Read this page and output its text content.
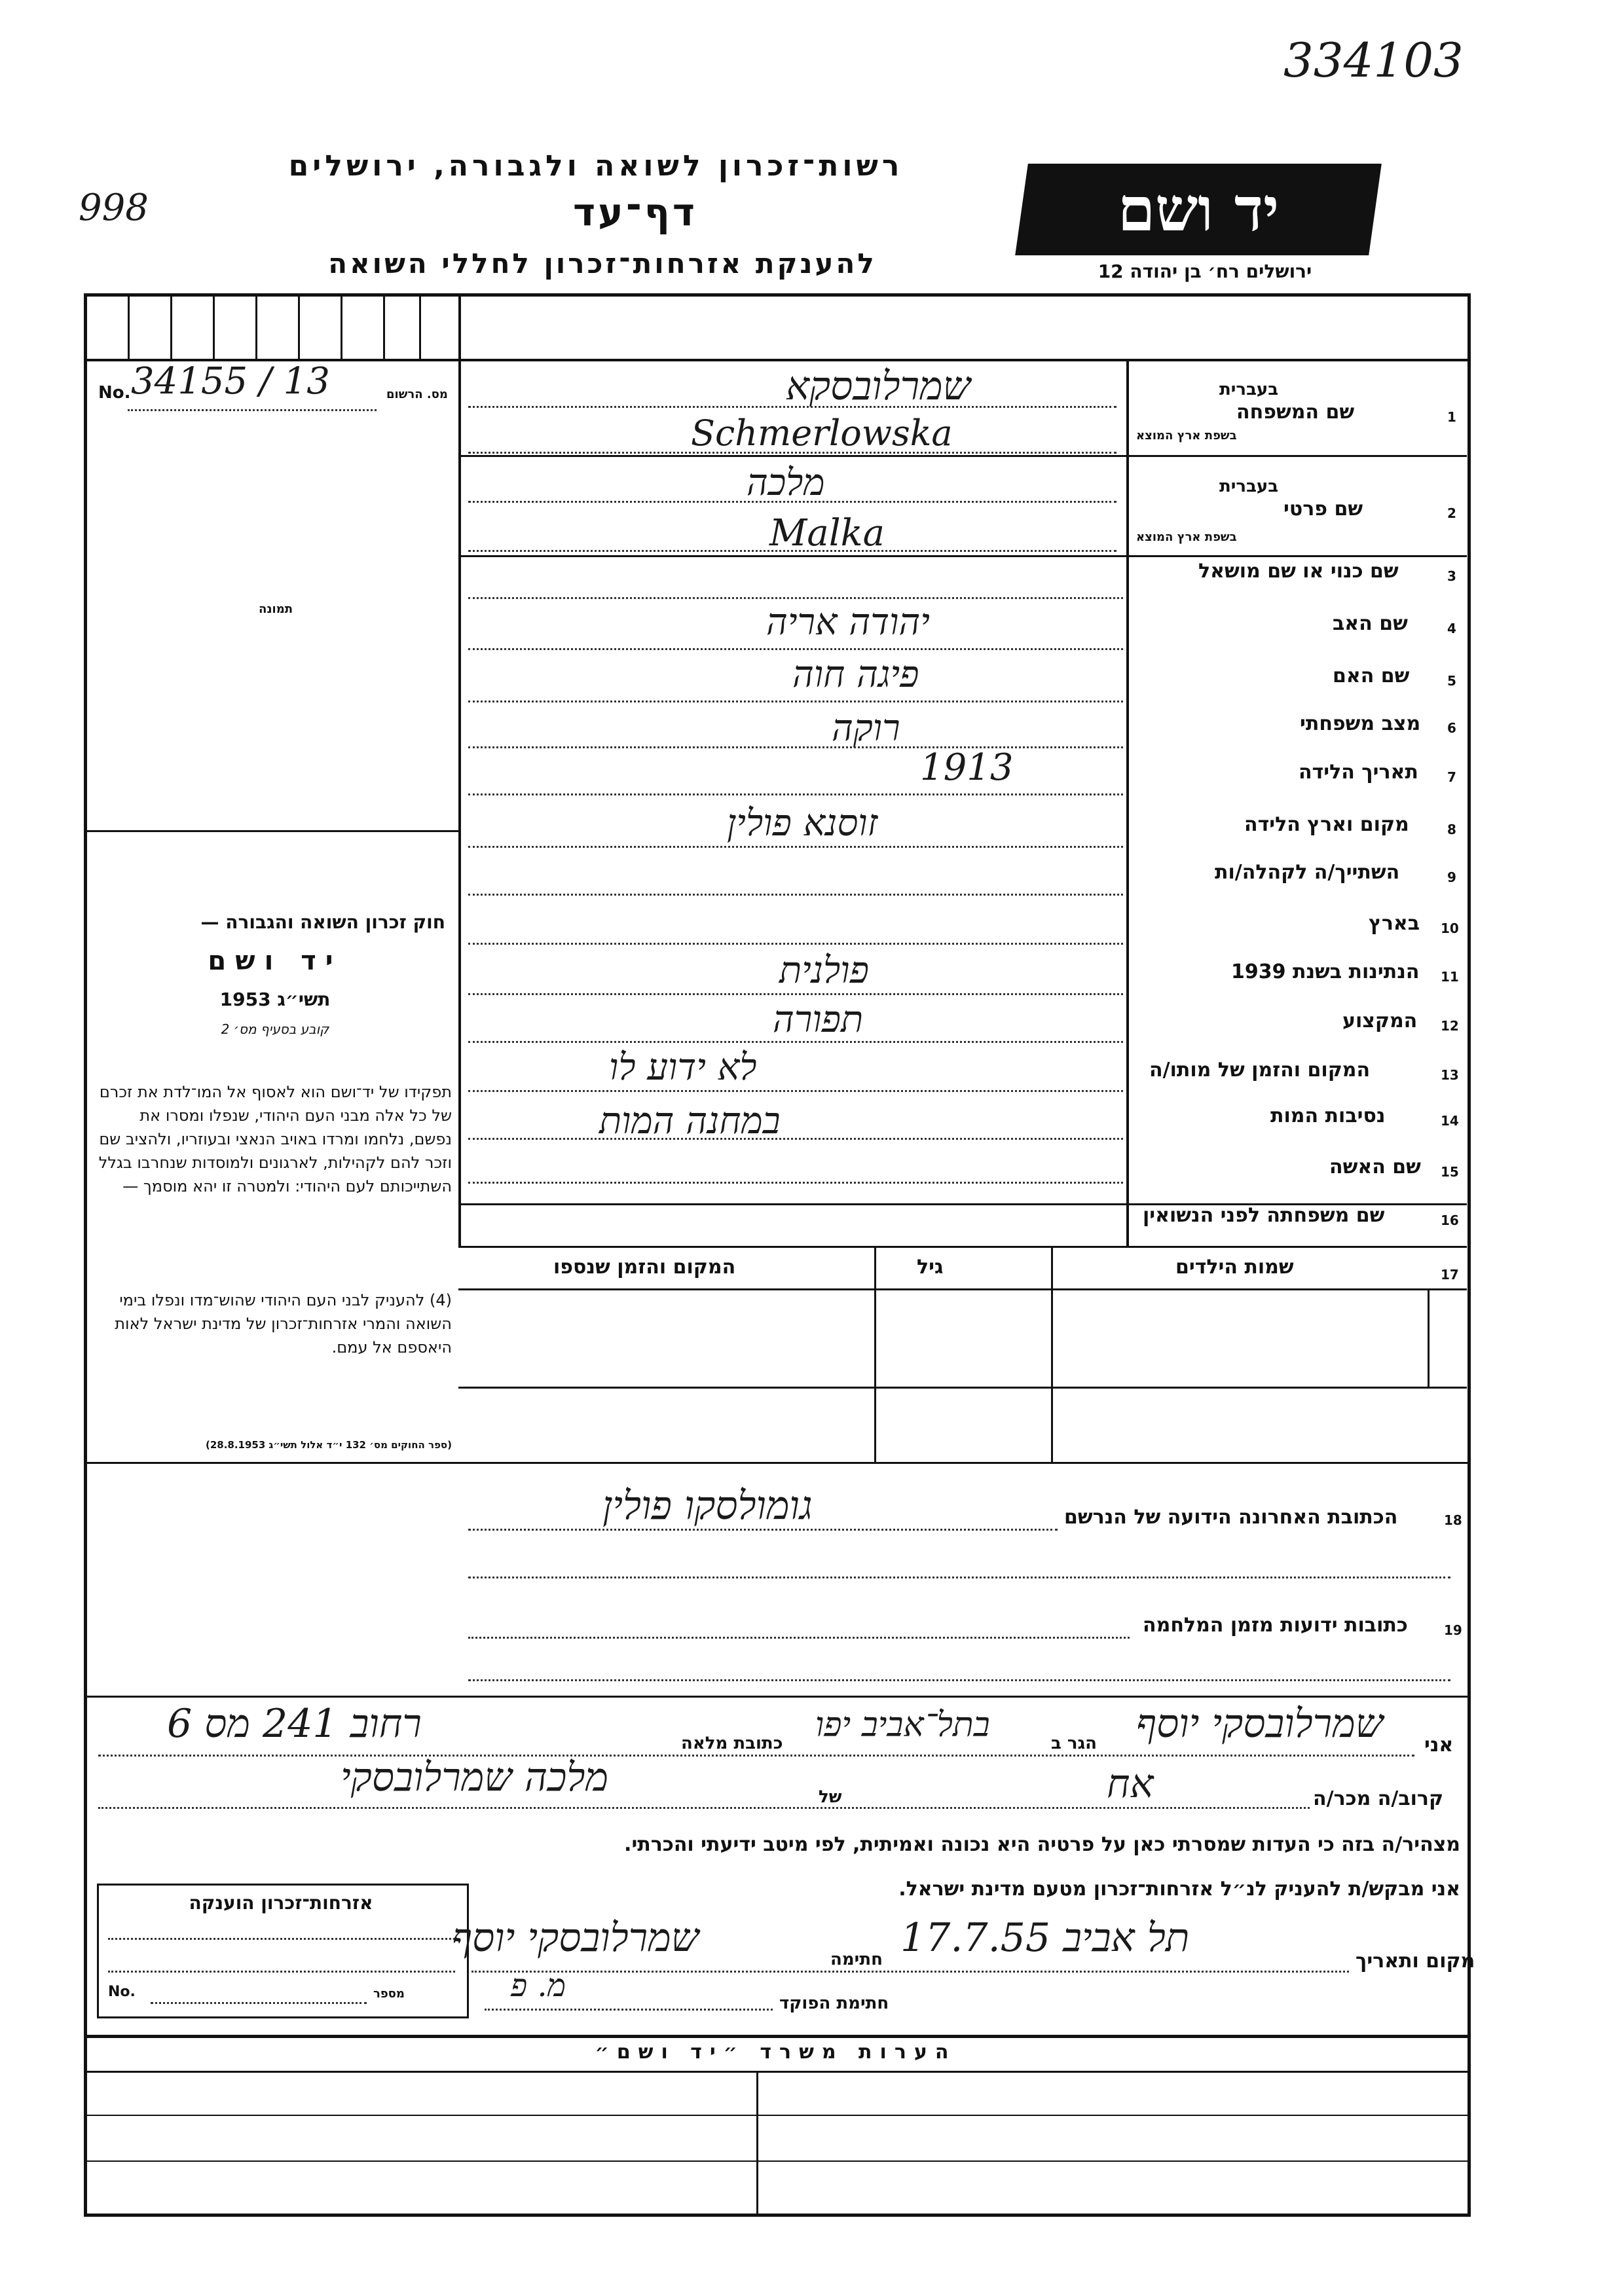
334103
998
רשות־זכרון לשואה ולגבורה, ירושלים
דף־עד
להענקת אזרחות־זכרון לחללי השואה
יד ושם
ירושלים רח׳ בן יהודה 12
No.	מס. הרשום
34155 / 13
תמונה
חוק זכרון השואה והגבורה —
יד ושם
תשי״ג 1953
קובע בסעיף מס׳ 2
תפקידו של יד־ושם הוא לאסוף אל המו־לדת את זכרם של כל אלה מבני העם היהודי, שנפלו ומסרו את נפשם, נלחמו ומרדו באויב הנאצי ובעוזריו, ולהציב שם וזכר להם לקהילות, לארגונים ולמוסדות שנחרבו בגלל השתייכותם לעם היהודי: ולמטרה זו יהא מוסמך —
(4) להעניק לבני העם היהודי שהוש־מדו ונפלו בימי השואה והמרי אזרחות־זכרון של מדינת ישראל לאות היאספם אל עמם.
(ספר החוקים מס׳ 132 י״ד אלול תשי״ג 28.8.1953)
1
שם המשפחה
בעברית
בשפת ארץ המוצא
שמרלובסקא
Schmerlowska
2
שם פרטי
בעברית
בשפת ארץ המוצא
מלכה
Malka
3
שם כנוי או שם מושאל
4
שם האב
יהודה אריה
5
שם האם
פיגה חוה
6
מצב משפחתי
רוקה
7
תאריך הלידה
1913
8
מקום וארץ הלידה
זוסנא פולין
9
השתייך/ה לקהלה/ות
10
בארץ
11
הנתינות בשנת 1939
פולנית
12
המקצוע
תפורה
13
המקום והזמן של מותו/ה
לא ידוע לו
14
נסיבות המות
במחנה המות
15
שם האשה
16
שם משפחתה לפני הנשואין
17
שמות הילדים
גיל
המקום והזמן שנספו
18
הכתובת האחרונה הידועה של הנרשם
גומולסקו פולין
19
כתובות ידועות מזמן המלחמה
אני
שמרלובסקי יוסף
הגר ב
בתל־אביב יפו
כתובת מלאה
רחוב 241 מס 6
קרוב/ה מכר/ה
אח
של
מלכה שמרלובסקי
מצהיר/ה בזה כי העדות שמסרתי כאן על פרטיה היא נכונה ואמיתית, לפי מיטב ידיעתי והכרתי.
אני מבקש/ת להעניק לנ״ל אזרחות־זכרון מטעם מדינת ישראל.
אזרחות־זכרון הוענקה
No.	מספר
מקום ותאריך
תל אביב 17.7.55
חתימה
שמרלובסקי יוסף
חתימת הפוקד
מ. פ
הערות משרד ״יד ושם״
